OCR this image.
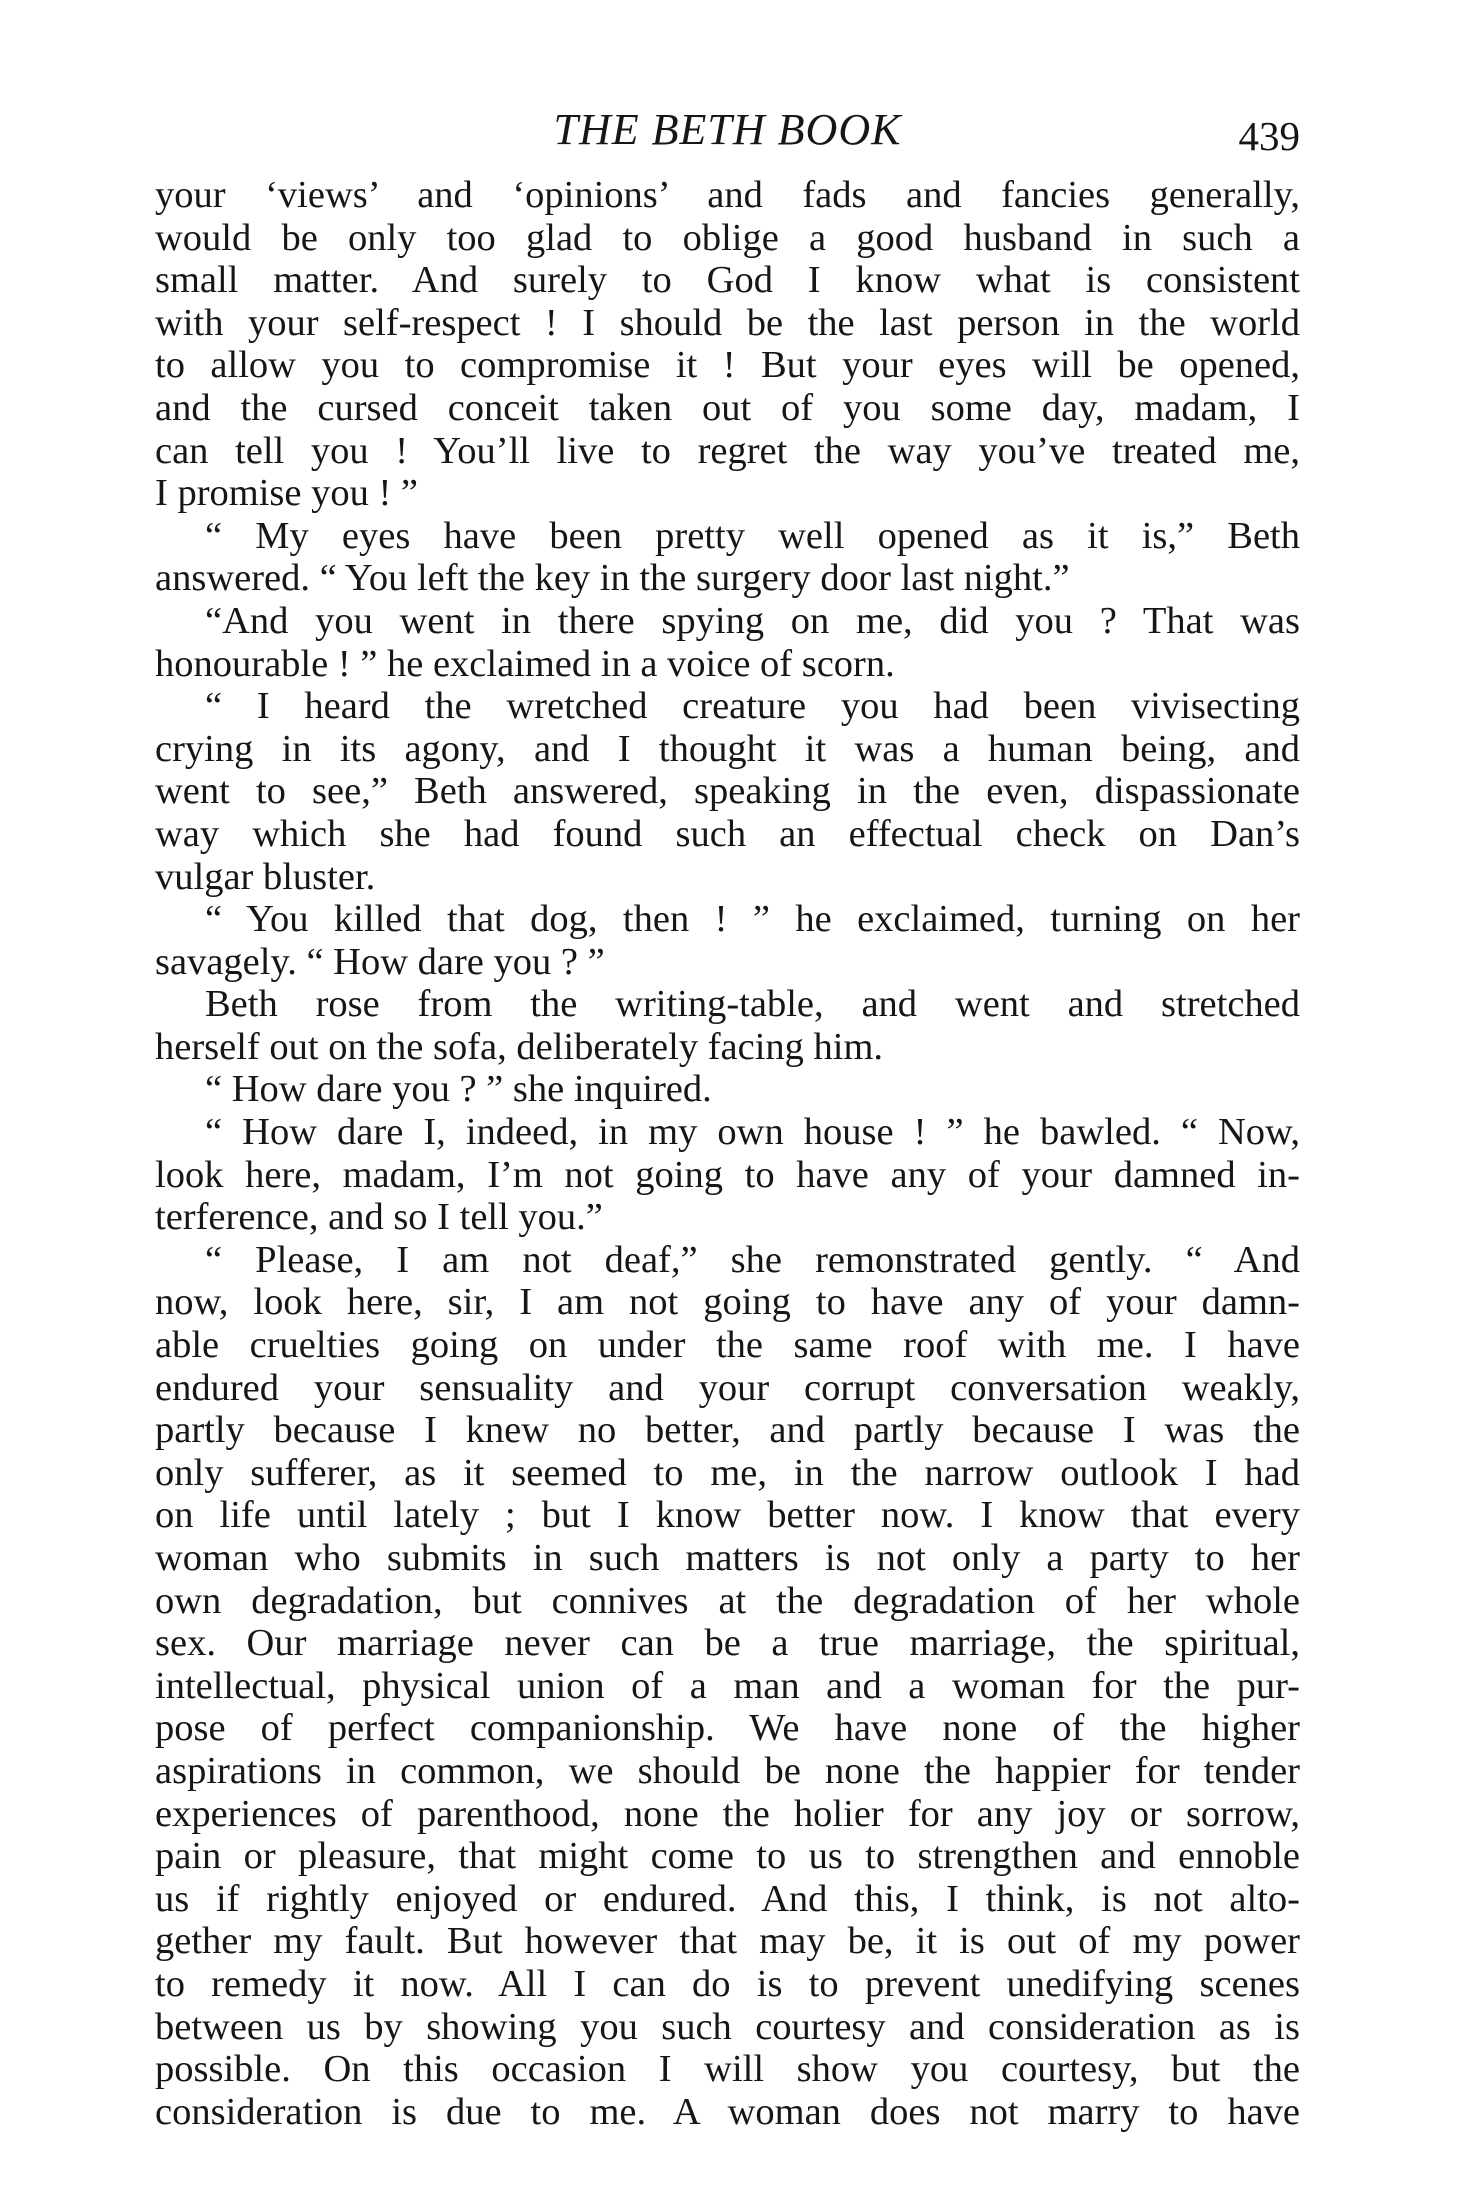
THE BETH BOOK	439
your ‘views’ and ‘opinions’ and fads and fancies generally,
would be only too glad to oblige a good husband in such a
small matter. And surely to God I know what is consistent
with your self-respect ! I should be the last person in the world
to allow you to compromise it ! But your eyes will be opened,
and the cursed conceit taken out of you some day, madam, I
can tell you ! You’ll live to regret the way you’ve treated me,
I promise you ! ”
“ My eyes have been pretty well opened as it is,” Beth
answered. “ You left the key in the surgery door last night.”
“And you went in there spying on me, did you ? That was
honourable ! ” he exclaimed in a voice of scorn.
“ I heard the wretched creature you had been vivisecting
crying in its agony, and I thought it was a human being, and
went to see,” Beth answered, speaking in the even, dispassionate
way which she had found such an effectual check on Dan’s
vulgar bluster.
“ You killed that dog, then ! ” he exclaimed, turning on her
savagely. “ How dare you ? ”
Beth rose from the writing-table, and went and stretched
herself out on the sofa, deliberately facing him.
“ How dare you ? ” she inquired.
“ How dare I, indeed, in my own house ! ” he bawled. “ Now,
look here, madam, I’m not going to have any of your damned in-
terference, and so I tell you.”
“ Please, I am not deaf,” she remonstrated gently. “ And
now, look here, sir, I am not going to have any of your damn-
able cruelties going on under the same roof with me. I have
endured your sensuality and your corrupt conversation weakly,
partly because I knew no better, and partly because I was the
only sufferer, as it seemed to me, in the narrow outlook I had
on life until lately ; but I know better now. I know that every
woman who submits in such matters is not only a party to her
own degradation, but connives at the degradation of her whole
sex. Our marriage never can be a true marriage, the spiritual,
intellectual, physical union of a man and a woman for the pur-
pose of perfect companionship. We have none of the higher
aspirations in common, we should be none the happier for tender
experiences of parenthood, none the holier for any joy or sorrow,
pain or pleasure, that might come to us to strengthen and ennoble
us if rightly enjoyed or endured. And this, I think, is not alto-
gether my fault. But however that may be, it is out of my power
to remedy it now. All I can do is to prevent unedifying scenes
between us by showing you such courtesy and consideration as is
possible. On this occasion I will show you courtesy, but the
consideration is due to me. A woman does not marry to have
